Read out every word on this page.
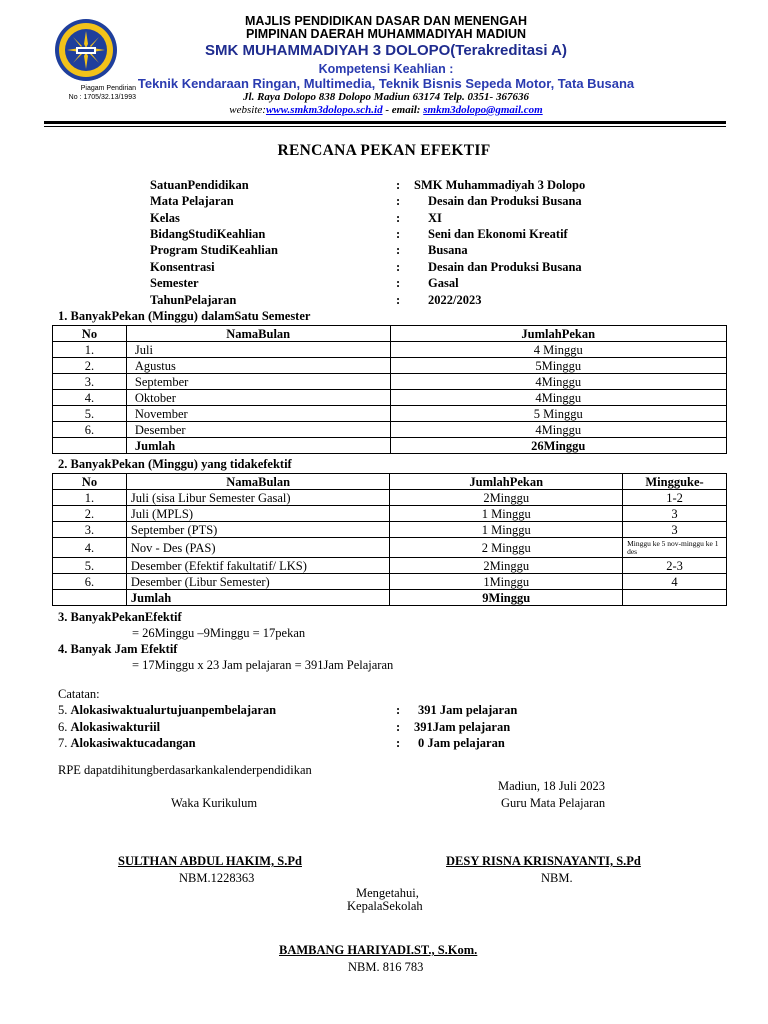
Piagam Pendirian
No : 1705/32.13/1993
MAJLIS PENDIDIKAN DASAR DAN MENENGAH
PIMPINAN DAERAH MUHAMMADIYAH MADIUN
SMK MUHAMMADIYAH 3 DOLOPO(Terakreditasi A)
Kompetensi Keahlian :
Teknik Kendaraan Ringan, Multimedia, Teknik Bisnis Sepeda Motor, Tata Busana
Jl. Raya Dolopo 838 Dolopo Madiun 63174 Telp. 0351- 367636
website:www.smkm3dolopo.sch.id - email: smkm3dolopo@gmail.com
RENCANA PEKAN EFEKTIF
SatuanPendidikan	: SMK Muhammadiyah 3 Dolopo
Mata Pelajaran	: Desain dan Produksi Busana
Kelas	: XI
BidangStudiKeahlian	: Seni dan Ekonomi Kreatif
Program StudiKeahlian	: Busana
Konsentrasi	: Desain dan Produksi Busana
Semester	: Gasal
TahunPelajaran	: 2022/2023
1. BanyakPekan (Minggu) dalamSatu Semester
No	NamaBulan	JumlahPekan
1.	Juli	4 Minggu
2.	Agustus	5Minggu
3.	September	4Minggu
4.	Oktober	4Minggu
5.	November	5 Minggu
6.	Desember	4Minggu
	Jumlah	26Minggu
2. BanyakPekan (Minggu) yang tidakefektif
No	NamaBulan	JumlahPekan	Mingguke-
1.	Juli (sisa Libur Semester Gasal)	2Minggu	1-2
2.	Juli (MPLS)	1 Minggu	3
3.	September (PTS)	1 Minggu	3
4.	Nov - Des (PAS)	2 Minggu	Minggu ke 5 nov-minggu ke 1 des
5.	Desember (Efektif fakultatif/ LKS)	2Minggu	2-3
6.	Desember (Libur Semester)	1Minggu	4
	Jumlah	9Minggu	
3. BanyakPekanEfektif
= 26Minggu –9Minggu = 17pekan
4. Banyak Jam Efektif
= 17Minggu x 23 Jam pelajaran = 391Jam Pelajaran
Catatan:
5. Alokasiwaktualurtujuanpembelajaran	: 391 Jam pelajaran
6. Alokasiwakturiil	: 391Jam pelajaran
7. Alokasiwaktucadangan	: 0 Jam pelajaran
RPE dapatdihitungberdasarkankalenderpendidikan
Madiun, 18 Juli 2023
Waka Kurikulum	Guru Mata Pelajaran
SULTHAN ABDUL HAKIM, S.Pd
NBM.1228363
DESY RISNA KRISNAYANTI, S.Pd
NBM.
Mengetahui,
KepalaSekolah
BAMBANG HARIYADI.ST., S.Kom.
NBM. 816 783
